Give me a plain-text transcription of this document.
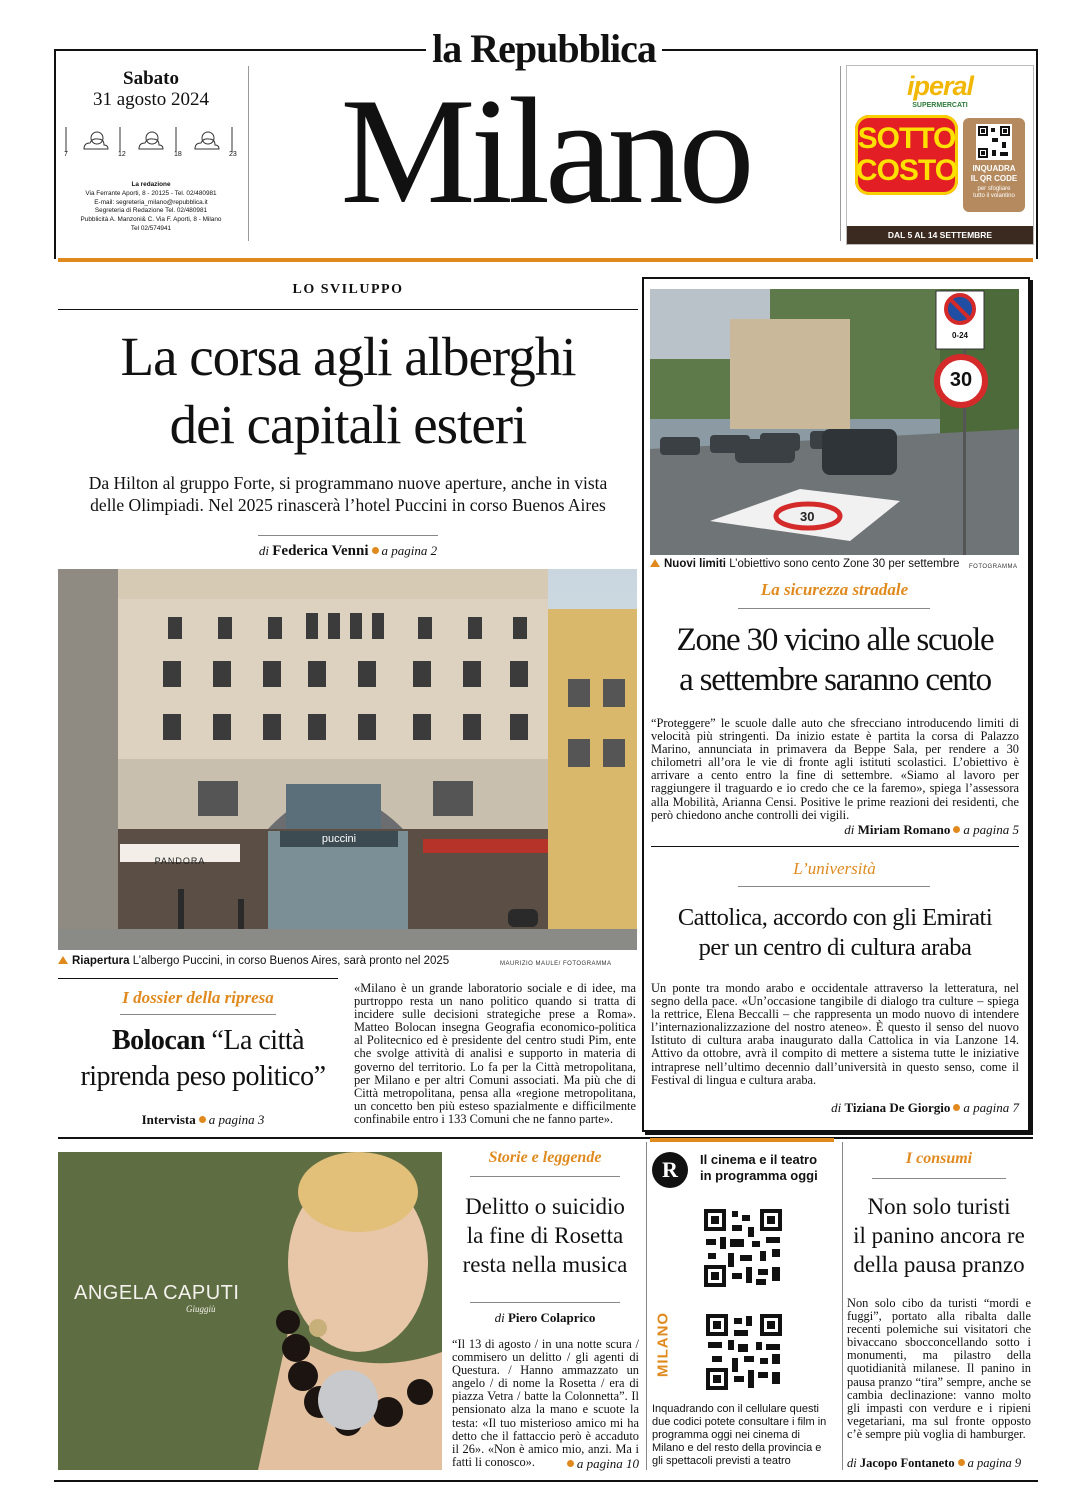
la Repubblica
Milano
Sabato
31 agosto 2024
7	12	18	23
La redazione
Via Ferrante Aporti, 8 - 20125 - Tel. 02/480981
E-mail: segreteria_milano@repubblica.it
Segreteria di Redazione Tel. 02/480981
Pubblicità A. Manzoni& C. Via F. Aporti, 8 - Milano
Tel 02/574941
iperal
SUPERMERCATI
SOTTO
COSTO	INQUADRA
IL QR CODE
per sfogliare
tutto il volantino
DAL 5 AL 14 SETTEMBRE
LO SVILUPPO
La corsa agli alberghi
dei capitali esteri
Da Hilton al gruppo Forte, si programmano nuove aperture, anche in vista
delle Olimpiadi. Nel 2025 rinascerà l’hotel Puccini in corso Buenos Aires
di Federica Venni a pagina 2
PANDORA
puccini
Riapertura L’albergo Puccini, in corso Buenos Aires, sarà pronto nel 2025	MAURIZIO MAULE/ FOTOGRAMMA
30
30
0-24
Nuovi limiti L’obiettivo sono cento Zone 30 per settembre	FOTOGRAMMA
La sicurezza stradale
Zone 30 vicino alle scuole
a settembre saranno cento
“Proteggere” le scuole dalle auto che sfrecciano introducendo limiti di velocità più stringenti. Da inizio estate è partita la corsa di Palazzo Marino, annunciata in primavera da Beppe Sala, per rendere a 30 chilometri all’ora le vie di fronte agli istituti scolastici. L’obiettivo è arrivare a cento entro la fine di settembre. «Siamo al lavoro per raggiungere il traguardo e io credo che ce la faremo», spiega l’assessora alla Mobilità, Arianna Censi. Positive le prime reazioni dei residenti, che però chiedono anche controlli dei vigili.
di Miriam Romano a pagina 5
L’università
Cattolica, accordo con gli Emirati
per un centro di cultura araba
Un ponte tra mondo arabo e occidentale attraverso la letteratura, nel segno della pace. «Un’occasione tangibile di dialogo tra culture – spiega la rettrice, Elena Beccalli – che rappresenta un modo nuovo di intendere l’internazionalizzazione del nostro ateneo». È questo il senso del nuovo Istituto di cultura araba inaugurato dalla Cattolica in via Lanzone 14. Attivo da ottobre, avrà il compito di mettere a sistema tutte le iniziative intraprese nell’ultimo decennio dall’università in questo senso, come il Festival di lingua e cultura araba.
di Tiziana De Giorgio a pagina 7
I dossier della ripresa
Bolocan “La città
riprenda peso politico”
Intervista a pagina 3
«Milano è un grande laboratorio sociale e di idee, ma purtroppo resta un nano politico quando si tratta di incidere sulle decisioni strategiche prese a Roma». Matteo Bolocan insegna Geografia economico-politica al Politecnico ed è presidente del centro studi Pim, ente che svolge attività di analisi e supporto in materia di governo del territorio. Lo fa per la Città metropolitana, per Milano e per altri Comuni associati. Ma più che di Città metropolitana, pensa alla «regione metropolitana, un concetto ben più esteso spazialmente e difficilmente confinabile entro i 133 Comuni che ne fanno parte».
ANGELA CAPUTI
Giuggiù
Storie e leggende
Delitto o suicidio
la fine di Rosetta
resta nella musica
di Piero Colaprico
“Il 13 di agosto / in una notte scura / commisero un delitto / gli agenti di Questura. / Hanno ammazzato un angelo / di nome la Rosetta / era di piazza Vetra / batte la Colonnetta”. Il pensionato alza la mano e scuote la testa: «Il tuo misterioso amico mi ha detto che il fattaccio però è accaduto il 26». «Non è amico mio, anzi. Ma i fatti li conosco».	a pagina 10
R	Il cinema e il teatro
in programma oggi
MILANO
Inquadrando con il cellulare questi due codici potete consultare i film in programma oggi nei cinema di Milano e del resto della provincia e gli spettacoli previsti a teatro
I consumi
Non solo turisti
il panino ancora re
della pausa pranzo
Non solo cibo da turisti “mordi e fuggi”, portato alla ribalta dalle recenti polemiche sui visitatori che bivaccano sbocconcellando sotto i monumenti, ma pilastro della quotidianità milanese. Il panino in pausa pranzo “tira” sempre, anche se cambia declinazione: vanno molto gli impasti con verdure e i ripieni vegetariani, ma sul fronte opposto c’è sempre più voglia di hamburger.
di Jacopo Fontaneto a pagina 9
